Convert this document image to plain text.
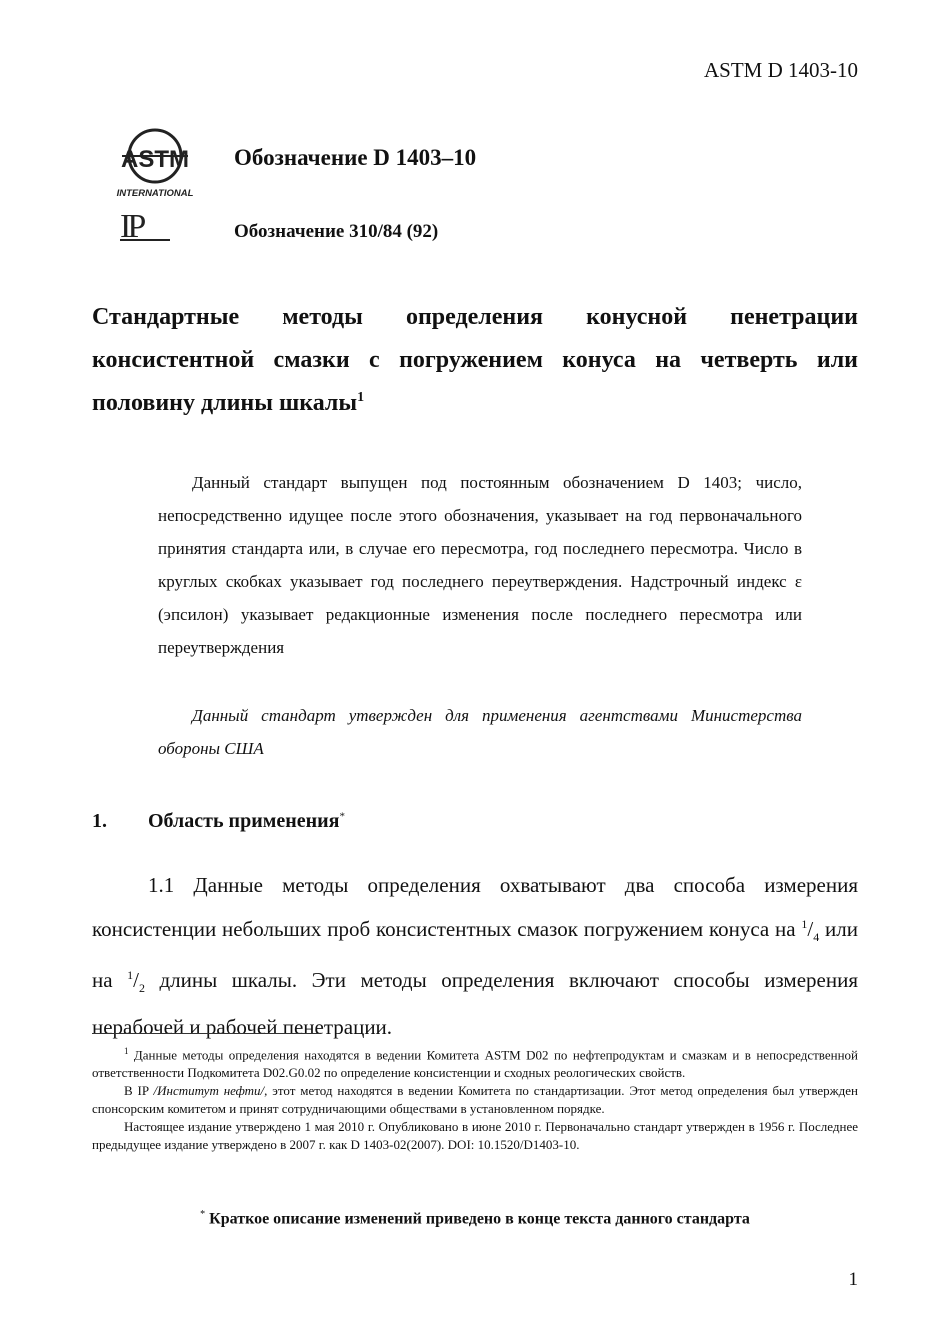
ASTM D 1403-10
ASTM
INTERNATIONAL
IP
Обозначение D 1403–10
Обозначение 310/84 (92)
Стандартные методы определения конусной пенетрации консистентной смазки с погружением конуса на четверть или половину длины шкалы$^1$
Данный стандарт выпущен под постоянным обозначением D 1403; число, непосредственно идущее после этого обозначения, указывает на год первоначального принятия стандарта или, в случае его пересмотра, год последнего пересмотра. Число в круглых скобках указывает год последнего переутверждения. Надстрочный индекс ε (эпсилон) указывает редакционные изменения после последнего пересмотра или переутверждения
Данный стандарт утвержден для применения агентствами Министерства обороны США
1. Область применения*
1.1 Данные методы определения охватывают два способа измерения консистенции небольших проб консистентных смазок погружением конуса на $^1/_4$ или на $^1/_2$ длины шкалы. Эти методы определения включают способы измерения нерабочей и рабочей пенетрации.

$^1$ Данные методы определения находятся в ведении Комитета ASTM D02 по нефтепродуктам и смазкам и в непосредственной ответственности Подкомитета D02.G0.02 по определение консистенции и сходных реологических свойств.

В IP /Институт нефти/, этот метод находятся в ведении Комитета по стандартизации. Этот метод определения был утвержден спонсорским комитетом и принят сотрудничающими обществами в установленном порядке.

Настоящее издание утверждено 1 мая 2010 г. Опубликовано в июне 2010 г. Первоначально стандарт утвержден в 1956 г. Последнее предыдущее издание утверждено в 2007 г. как D 1403-02(2007). DOI: 10.1520/D1403-10.

* Краткое описание изменений приведено в конце текста данного стандарта
1
